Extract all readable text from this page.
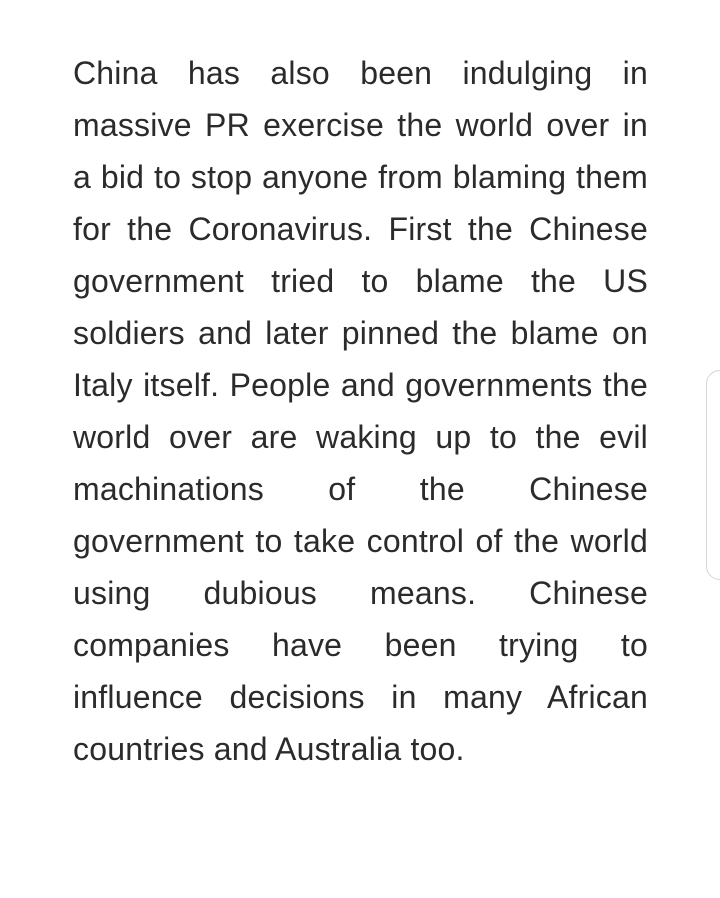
China has also been indulging in massive PR exercise the world over in a bid to stop anyone from blaming them for the Coronavirus. First the Chinese government tried to blame the US soldiers and later pinned the blame on Italy itself. People and governments the world over are waking up to the evil machinations of the Chinese government to take control of the world using dubious means. Chinese companies have been trying to influence decisions in many African countries and Australia too.
